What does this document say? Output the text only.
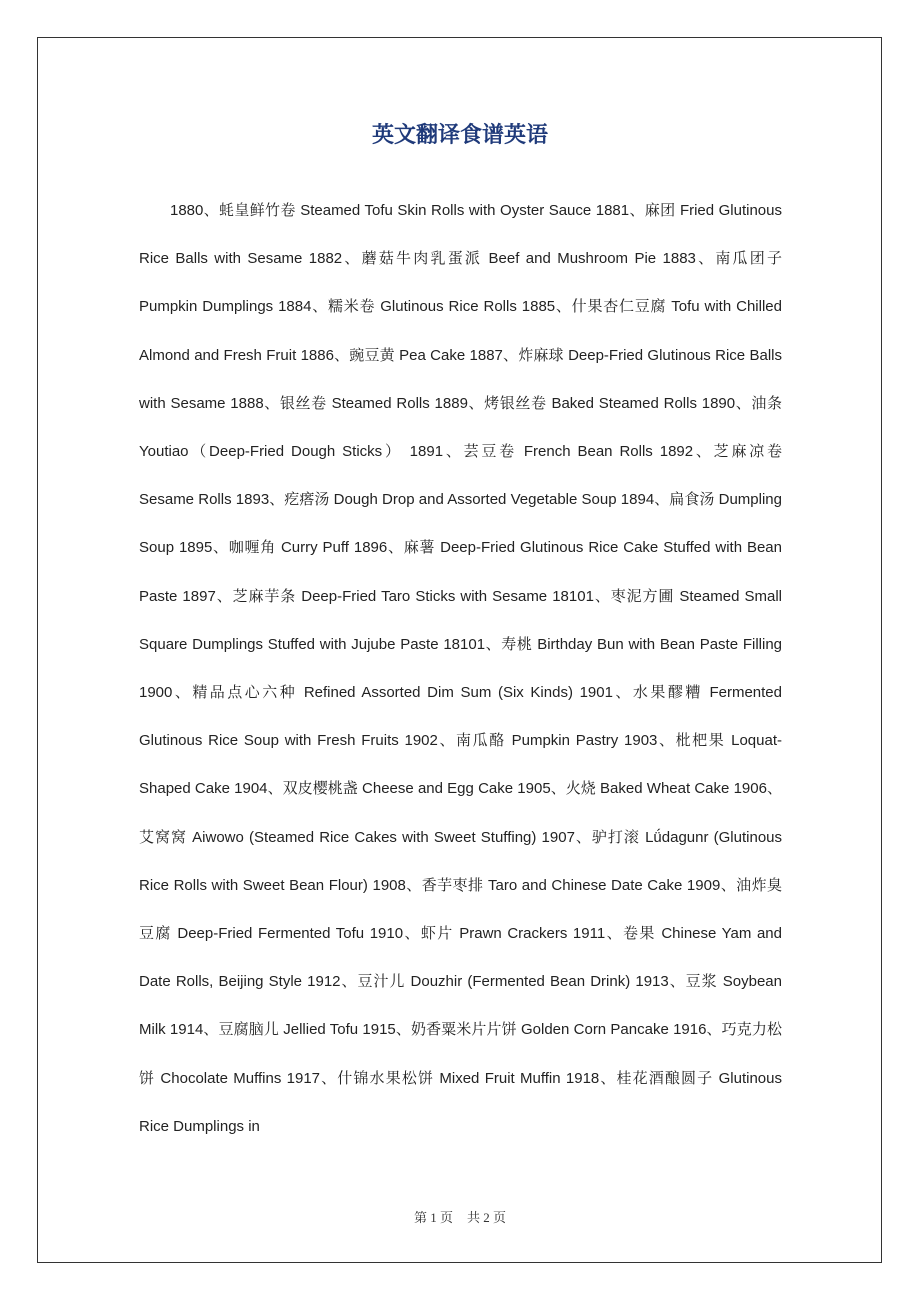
英文翻译食谱英语

1880、蚝皇鲜竹卷 Steamed Tofu Skin Rolls with Oyster Sauce 1881、麻团 Fried Glutinous Rice Balls with Sesame 1882、蘑菇牛肉乳蛋派 Beef and Mushroom Pie 1883、南瓜团子 Pumpkin Dumplings 1884、糯米卷 Glutinous Rice Rolls 1885、什果杏仁豆腐 Tofu with Chilled Almond and Fresh Fruit 1886、豌豆黄 Pea Cake 1887、炸麻球 Deep-Fried Glutinous Rice Balls with Sesame 1888、银丝卷 Steamed Rolls 1889、烤银丝卷 Baked Steamed Rolls 1890、油条 Youtiao（Deep-Fried Dough Sticks） 1891、芸豆卷 French Bean Rolls 1892、芝麻凉卷 Sesame Rolls 1893、疙瘩汤 Dough Drop and Assorted Vegetable Soup 1894、扁食汤 Dumpling Soup 1895、咖喱角 Curry Puff 1896、麻薯 Deep-Fried Glutinous Rice Cake Stuffed with Bean Paste 1897、芝麻芋条 Deep-Fried Taro Sticks with Sesame 18101、枣泥方圃 Steamed Small Square Dumplings Stuffed with Jujube Paste 18101、寿桃 Birthday Bun with Bean Paste Filling 1900、精品点心六种 Refined Assorted Dim Sum (Six Kinds) 1901、水果醪糟 Fermented Glutinous Rice Soup with Fresh Fruits 1902、南瓜酪 Pumpkin Pastry 1903、枇杷果 Loquat-Shaped Cake 1904、双皮樱桃盏 Cheese and Egg Cake 1905、火烧 Baked Wheat Cake 1906、艾窝窝 Aiwowo (Steamed Rice Cakes with Sweet Stuffing) 1907、驴打滚 Lǘdagunr (Glutinous Rice Rolls with Sweet Bean Flour) 1908、香芋枣排 Taro and Chinese Date Cake 1909、油炸臭豆腐 Deep-Fried Fermented Tofu 1910、虾片 Prawn Crackers 1911、卷果 Chinese Yam and Date Rolls, Beijing Style 1912、豆汁儿 Douzhir (Fermented Bean Drink) 1913、豆浆 Soybean Milk 1914、豆腐脑儿 Jellied Tofu 1915、奶香粟米片片饼 Golden Corn Pancake 1916、巧克力松饼 Chocolate Muffins 1917、什锦水果松饼 Mixed Fruit Muffin 1918、桂花酒酿圆子 Glutinous Rice Dumplings in

第 1 页 共 2 页
